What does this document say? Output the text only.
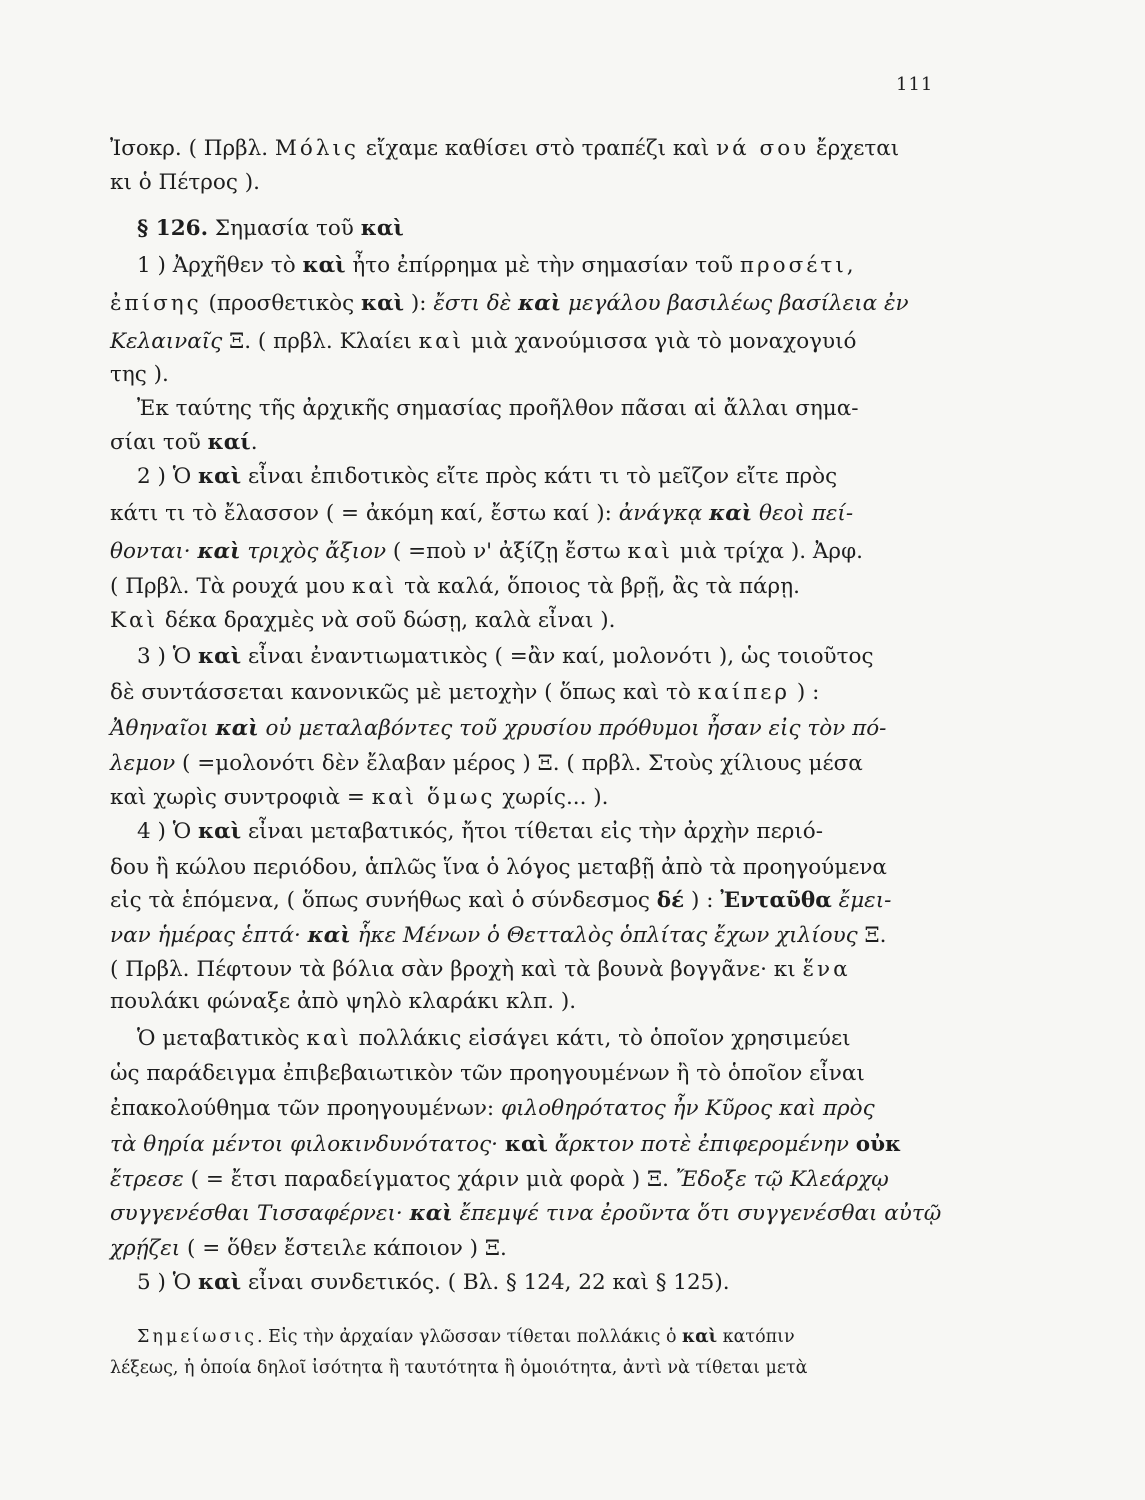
111
Ἰσοκρ. ( Πρβλ. Μόλις εἴχαμε καθίσει στὸ τραπέζι καὶ νά σου ἔρχεται
κι ὁ Πέτρος ).
§ 126. Σημασία τοῦ καὶ
1 ) Ἀρχῆθεν τὸ καὶ ἦτο ἐπίρρημα μὲ τὴν σημασίαν τοῦ προσέτι,
ἐπίσης (προσθετικὸς καὶ ): ἔστι δὲ καὶ μεγάλου βασιλέως βασίλεια ἐν
Κελαιναῖς Ξ. ( πρβλ. Κλαίει καὶ μιὰ χανούμισσα γιὰ τὸ μοναχογυιό
της ).
Ἐκ ταύτης τῆς ἀρχικῆς σημασίας προῆλθον πᾶσαι αἱ ἄλλαι σημα-
σίαι τοῦ καί.
2 ) Ὁ καὶ εἶναι ἐπιδοτικὸς εἴτε πρὸς κάτι τι τὸ μεῖζον εἴτε πρὸς
κάτι τι τὸ ἔλασσον ( = ἀκόμη καί, ἔστω καί ): ἀνάγκᾳ καὶ θεοὶ πεί-
θονται· καὶ τριχὸς ἄξιον ( =ποὺ ν' ἀξίζῃ ἔστω καὶ μιὰ τρίχα ). Ἀρφ.
( Πρβλ. Τὰ ρουχά μου καὶ τὰ καλά, ὅποιος τὰ βρῇ, ἂς τὰ πάρῃ.
Καὶ δέκα δραχμὲς νὰ σοῦ δώσῃ, καλὰ εἶναι ).
3 ) Ὁ καὶ εἶναι ἐναντιωματικὸς ( =ἂν καί, μολονότι ), ὡς τοιοῦτος
δὲ συντάσσεται κανονικῶς μὲ μετοχὴν ( ὅπως καὶ τὸ καίπερ ) :
Ἀθηναῖοι καὶ οὐ μεταλαβόντες τοῦ χρυσίου πρόθυμοι ἦσαν εἰς τὸν πό-
λεμον ( =μολονότι δὲν ἔλαβαν μέρος ) Ξ. ( πρβλ. Στοὺς χίλιους μέσα
καὶ χωρὶς συντροφιὰ = καὶ ὅμως χωρίς... ).
4 ) Ὁ καὶ εἶναι μεταβατικός, ἤτοι τίθεται εἰς τὴν ἀρχὴν περιό-
δου ἢ κώλου περιόδου, ἁπλῶς ἵνα ὁ λόγος μεταβῇ ἀπὸ τὰ προηγούμενα
εἰς τὰ ἑπόμενα, ( ὅπως συνήθως καὶ ὁ σύνδεσμος δέ ) : Ἐνταῦθα ἔμει-
ναν ἡμέρας ἑπτά· καὶ ἧκε Μένων ὁ Θετταλὸς ὁπλίτας ἔχων χιλίους Ξ.
( Πρβλ. Πέφτουν τὰ βόλια σὰν βροχὴ καὶ τὰ βουνὰ βογγᾶνε· κι ἕνα
πουλάκι φώναξε ἀπὸ ψηλὸ κλαράκι κλπ. ).
Ὁ μεταβατικὸς καὶ πολλάκις εἰσάγει κάτι, τὸ ὁποῖον χρησιμεύει
ὡς παράδειγμα ἐπιβεβαιωτικὸν τῶν προηγουμένων ἢ τὸ ὁποῖον εἶναι
ἐπακολούθημα τῶν προηγουμένων: φιλοθηρότατος ἦν Κῦρος καὶ πρὸς
τὰ θηρία μέντοι φιλοκινδυνότατος· καὶ ἄρκτον ποτὲ ἐπιφερομένην οὐκ
ἔτρεσε ( = ἔτσι παραδείγματος χάριν μιὰ φορὰ ) Ξ. Ἔδοξε τῷ Κλεάρχῳ
συγγενέσθαι Τισσαφέρνει· καὶ ἔπεμψέ τινα ἐροῦντα ὅτι συγγενέσθαι αὐτῷ
χρῄζει ( = ὅθεν ἔστειλε κάποιον ) Ξ.
5 ) Ὁ καὶ εἶναι συνδετικός. ( Βλ. § 124, 22 καὶ § 125).
Σημείωσις. Εἰς τὴν ἀρχαίαν γλῶσσαν τίθεται πολλάκις ὁ καὶ κατόπιν
λέξεως, ἡ ὁποία δηλοῖ ἰσότητα ἢ ταυτότητα ἢ ὁμοιότητα, ἀντὶ νὰ τίθεται μετὰ
